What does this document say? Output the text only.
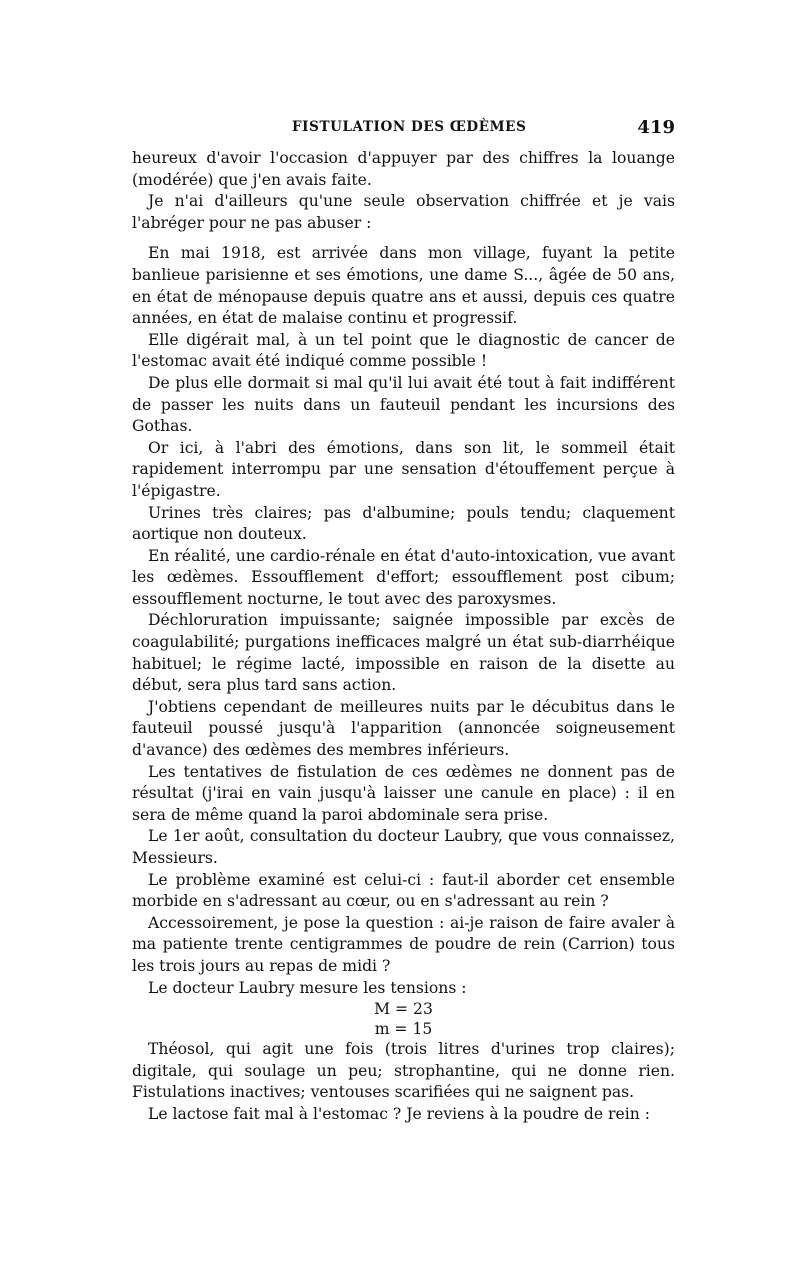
FISTULATION DES ŒDÈMES	419

heureux d'avoir l'occasion d'appuyer par des chiffres la louange (modérée) que j'en avais faite.

Je n'ai d'ailleurs qu'une seule observation chiffrée et je vais l'abréger pour ne pas abuser :

En mai 1918, est arrivée dans mon village, fuyant la petite banlieue parisienne et ses émotions, une dame S..., âgée de 50 ans, en état de ménopause depuis quatre ans et aussi, depuis ces quatre années, en état de malaise continu et progressif.

Elle digérait mal, à un tel point que le diagnostic de cancer de l'estomac avait été indiqué comme possible !

De plus elle dormait si mal qu'il lui avait été tout à fait indifférent de passer les nuits dans un fauteuil pendant les incursions des Gothas.

Or ici, à l'abri des émotions, dans son lit, le sommeil était rapidement interrompu par une sensation d'étouffement perçue à l'épigastre.

Urines très claires; pas d'albumine; pouls tendu; claquement aortique non douteux.

En réalité, une cardio-rénale en état d'auto-intoxication, vue avant les œdèmes. Essoufflement d'effort; essoufflement post cibum; essoufflement nocturne, le tout avec des paroxysmes.

Déchloruration impuissante; saignée impossible par excès de coagulabilité; purgations inefficaces malgré un état sub-diarrhéique habituel; le régime lacté, impossible en raison de la disette au début, sera plus tard sans action.

J'obtiens cependant de meilleures nuits par le décubitus dans le fauteuil poussé jusqu'à l'apparition (annoncée soigneusement d'avance) des œdèmes des membres inférieurs.

Les tentatives de fistulation de ces œdèmes ne donnent pas de résultat (j'irai en vain jusqu'à laisser une canule en place) : il en sera de même quand la paroi abdominale sera prise.

Le 1er août, consultation du docteur Laubry, que vous connaissez, Messieurs.

Le problème examiné est celui-ci : faut-il aborder cet ensemble morbide en s'adressant au cœur, ou en s'adressant au rein ?

Accessoirement, je pose la question : ai-je raison de faire avaler à ma patiente trente centigrammes de poudre de rein (Carrion) tous les trois jours au repas de midi ?

Le docteur Laubry mesure les tensions :

M = 23
m = 15

Théosol, qui agit une fois (trois litres d'urines trop claires); digitale, qui soulage un peu; strophantine, qui ne donne rien. Fistulations inactives; ventouses scarifiées qui ne saignent pas.

Le lactose fait mal à l'estomac ? Je reviens à la poudre de rein :
